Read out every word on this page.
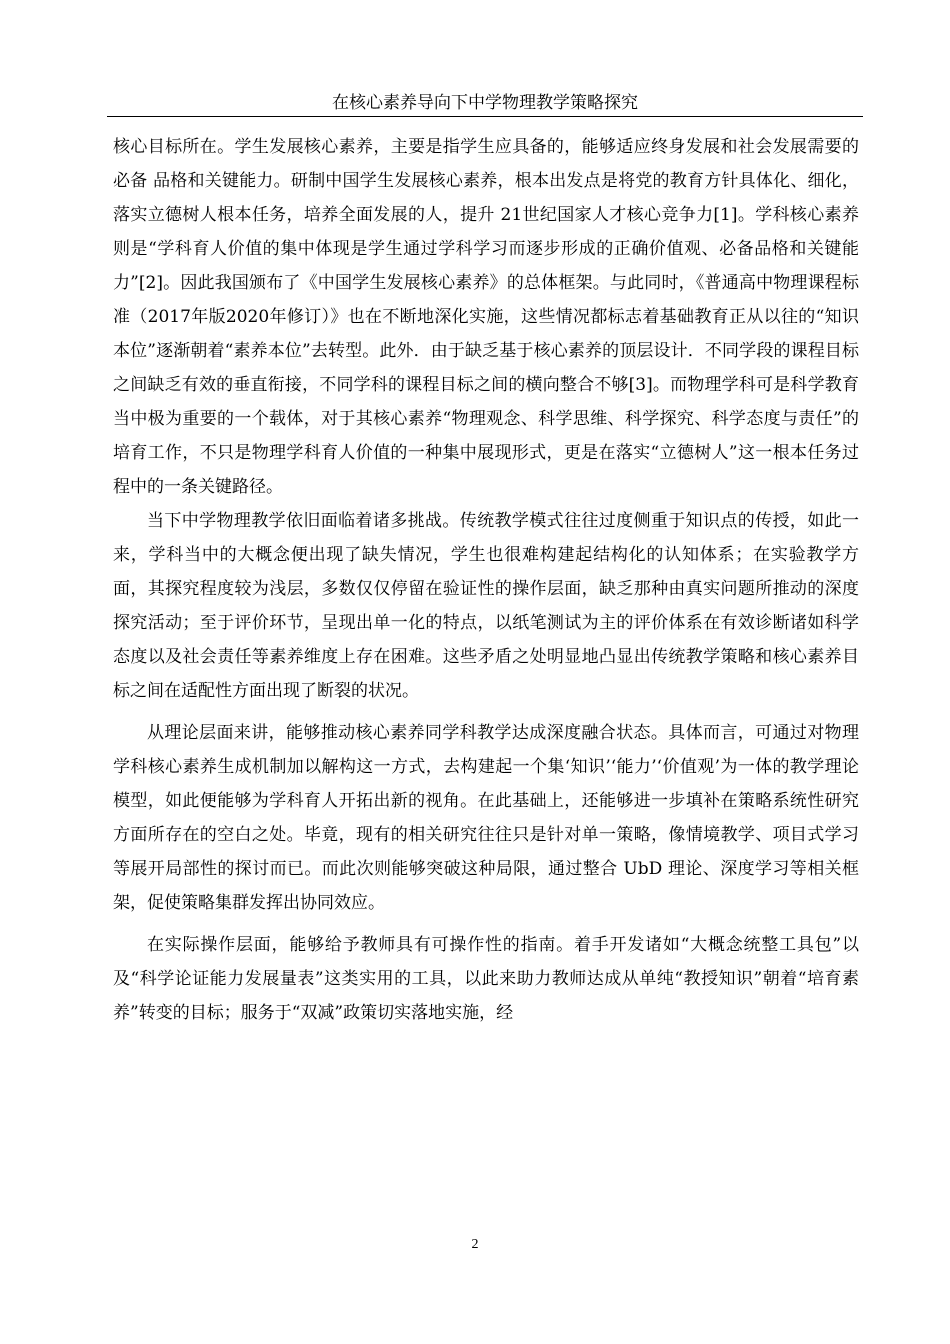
在核心素养导向下中学物理教学策略探究

核心目标所在。学生发展核心素养，主要是指学生应具备的，能够适应终身发展和社会发展需要的必备 品格和关键能力。研制中国学生发展核心素养，根本出发点是将党的教育方针具体化、细化，落实立德树人根本任务，培养全面发展的人，提升 21世纪国家人才核心竞争力[1]。学科核心素养则是“学科育人价值的集中体现是学生通过学科学习而逐步形成的正确价值观、必备品格和关键能力”[2]。因此我国颁布了《中国学生发展核心素养》的总体框架。与此同时，《普通高中物理课程标准（2017年版2020年修订）》也在不断地深化实施，这些情况都标志着基础教育正从以往的“知识本位”逐渐朝着“素养本位”去转型。此外．由于缺乏基于核心素养的顶层设计．不同学段的课程目标之间缺乏有效的垂直衔接，不同学科的课程目标之间的横向整合不够[3]。而物理学科可是科学教育当中极为重要的一个载体，对于其核心素养“物理观念、科学思维、科学探究、科学态度与责任”的培育工作，不只是物理学科育人价值的一种集中展现形式，更是在落实“立德树人”这一根本任务过程中的一条关键路径。

当下中学物理教学依旧面临着诸多挑战。传统教学模式往往过度侧重于知识点的传授，如此一来，学科当中的大概念便出现了缺失情况，学生也很难构建起结构化的认知体系；在实验教学方面，其探究程度较为浅层，多数仅仅停留在验证性的操作层面，缺乏那种由真实问题所推动的深度探究活动；至于评价环节，呈现出单一化的特点，以纸笔测试为主的评价体系在有效诊断诸如科学态度以及社会责任等素养维度上存在困难。这些矛盾之处明显地凸显出传统教学策略和核心素养目标之间在适配性方面出现了断裂的状况。

从理论层面来讲，能够推动核心素养同学科教学达成深度融合状态。具体而言，可通过对物理学科核心素养生成机制加以解构这一方式，去构建起一个集‘知识’‘能力’‘价值观’为一体的教学理论模型，如此便能够为学科育人开拓出新的视角。在此基础上，还能够进一步填补在策略系统性研究方面所存在的空白之处。毕竟，现有的相关研究往往只是针对单一策略，像情境教学、项目式学习等展开局部性的探讨而已。而此次则能够突破这种局限，通过整合 UbD 理论、深度学习等相关框架，促使策略集群发挥出协同效应。

在实际操作层面，能够给予教师具有可操作性的指南。着手开发诸如“大概念统整工具包”以及“科学论证能力发展量表”这类实用的工具，以此来助力教师达成从单纯“教授知识”朝着“培育素养”转变的目标；服务于“双减”政策切实落地实施，经

2
